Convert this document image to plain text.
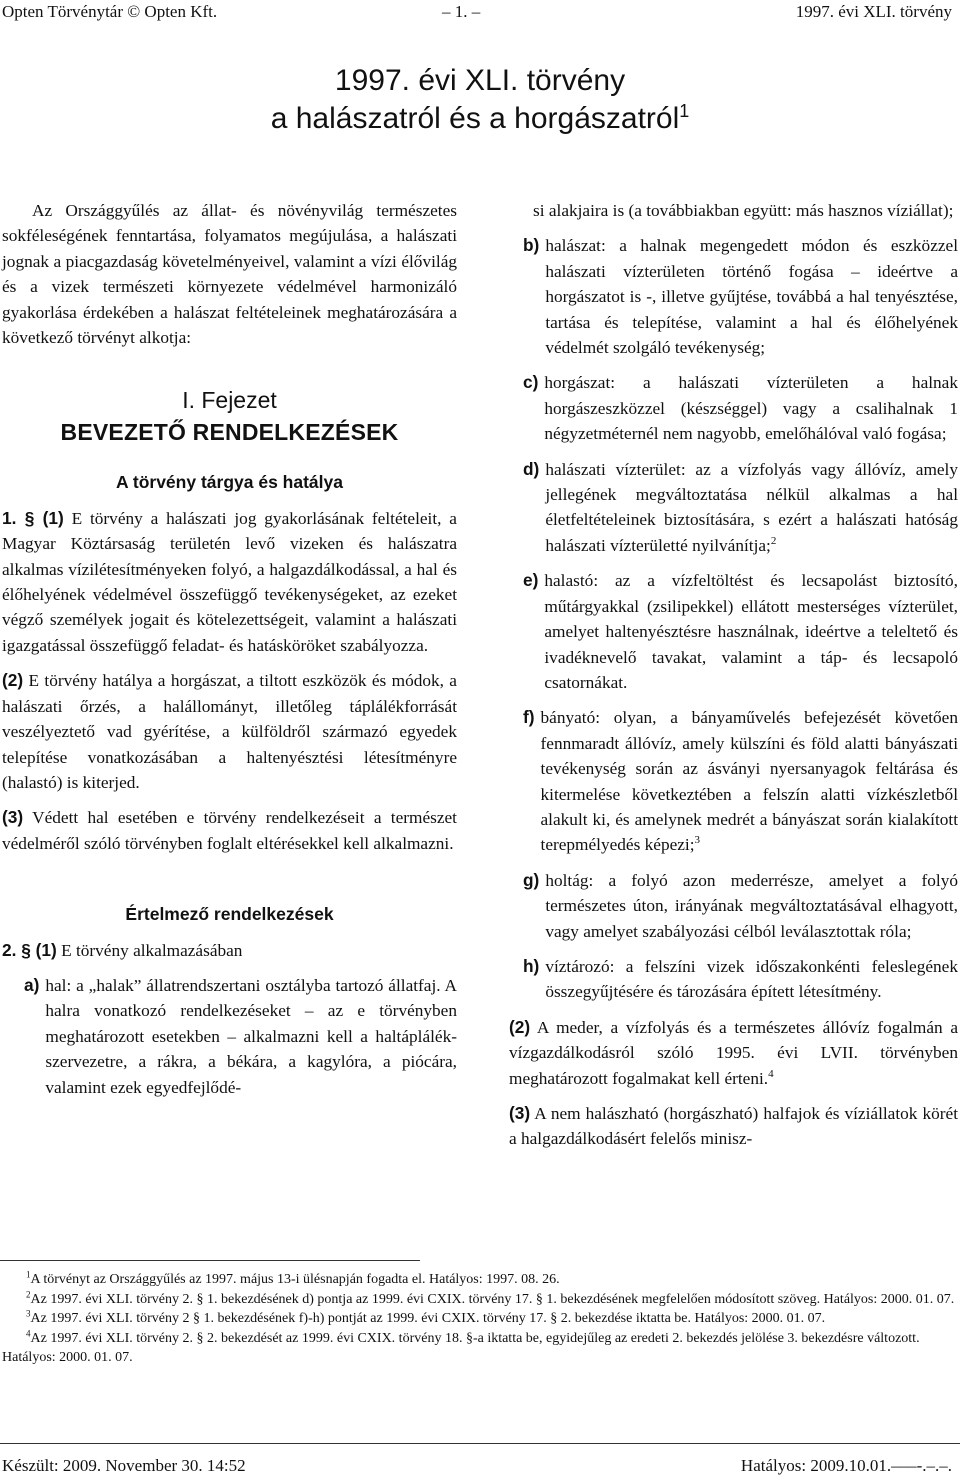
Opten Törvénytár © Opten Kft.	– 1. –	1997. évi XLI. törvény
1997. évi XLI. törvény
a halászatról és a horgászatról$^1$

Az Országgyűlés az állat- és növényvilág természetes sokféleségének fenntartása, folyamatos megújulása, a halászati jognak a piacgazdaság követelményeivel, valamint a vízi élővilág és a vizek természeti környezete védelmével harmonizáló gyakorlása érdekében a halászat feltételeinek meghatározására a következő törvényt alkotja:

I. Fejezet
BEVEZETŐ RENDELKEZÉSEK
A törvény tárgya és hatálya

1. § (1) E törvény a halászati jog gyakorlásának feltételeit, a Magyar Köztársaság területén levő vizeken és halászatra alkalmas vízilétesítményeken folyó, a halgazdálkodással, a hal és élőhelyének védelmével összefüggő tevékenységeket, az ezeket végző személyek jogait és kötelezettségeit, valamint a halászati igazgatással összefüggő feladat- és hatásköröket szabályozza.

(2) E törvény hatálya a horgászat, a tiltott eszközök és módok, a halászati őrzés, a halállományt, illetőleg táplálékforrását veszélyeztető vad gyérítése, a külföldről származó egyedek telepítése vonatkozásában a haltenyésztési létesítményre (halastó) is kiterjed.

(3) Védett hal esetében e törvény rendelkezéseit a természet védelméről szóló törvényben foglalt eltérésekkel kell alkalmazni.

Értelmező rendelkezések

2. § (1) E törvény alkalmazásában

a) hal: a „halak” állatrendszertani osztályba tartozó állatfaj. A halra vonatkozó rendelkezéseket – az e törvényben meghatározott esetekben – alkalmazni kell a haltáplálék-szervezetre, a rákra, a békára, a kagylóra, a piócára, valamint ezek egyedfejlődé-

si alakjaira is (a továbbiakban együtt: más hasznos víziállat);

b) halászat: a halnak megengedett módon és eszközzel halászati vízterületen történő fogása – ideértve a horgászatot is -, illetve gyűjtése, továbbá a hal tenyésztése, tartása és telepítése, valamint a hal és élőhelyének védelmét szolgáló tevékenység;
c) horgászat: a halászati vízterületen a halnak horgászeszközzel (készséggel) vagy a csalihalnak 1 négyzetméternél nem nagyobb, emelőhálóval való fogása;
d) halászati vízterület: az a vízfolyás vagy állóvíz, amely jellegének megváltoztatása nélkül alkalmas a hal életfeltételeinek biztosítására, s ezért a halászati hatóság halászati vízterületté nyilvánítja;$^2$
e) halastó: az a vízfeltöltést és lecsapolást biztosító, műtárgyakkal (zsilipekkel) ellátott mesterséges vízterület, amelyet haltenyésztésre használnak, ideértve a teleltető és ivadéknevelő tavakat, valamint a táp- és lecsapoló csatornákat.
f) bányató: olyan, a bányaművelés befejezését követően fennmaradt állóvíz, amely külszíni és föld alatti bányászati tevékenység során az ásványi nyersanyagok feltárása és kitermelése következtében a felszín alatti vízkészletből alakult ki, és amelynek medrét a bányászat során kialakított terepmélyedés képezi;$^3$
g) holtág: a folyó azon mederrésze, amelyet a folyó természetes úton, irányának megváltoztatásával elhagyott, vagy amelyet szabályozási célból leválasztottak róla;
h) víztározó: a felszíni vizek időszakonkénti feleslegének összegyűjtésére és tározására épített létesítmény.

(2) A meder, a vízfolyás és a természetes állóvíz fogalmán a vízgazdálkodásról szóló 1995. évi LVII. törvényben meghatározott fogalmakat kell érteni.$^4$

(3) A nem halászható (horgászható) halfajok és víziállatok körét a halgazdálkodásért felelős minisz-

$^1$A törvényt az Országgyűlés az 1997. május 13-i ülésnapján fogadta el. Hatályos: 1997. 08. 26.

$^2$Az 1997. évi XLI. törvény 2. § 1. bekezdésének d) pontja az 1999. évi CXIX. törvény 17. § 1. bekezdésének megfelelően módosított szöveg. Hatályos: 2000. 01. 07.

$^3$Az 1997. évi XLI. törvény 2 § 1. bekezdésének f)-h) pontját az 1999. évi CXIX. törvény 17. § 2. bekezdése iktatta be. Hatályos: 2000. 01. 07.

$^4$Az 1997. évi XLI. törvény 2. § 2. bekezdését az 1999. évi CXIX. törvény 18. §-a iktatta be, egyidejűleg az eredeti 2. bekezdés jelölése 3. bekezdésre változott. Hatályos: 2000. 01. 07.

Készült: 2009. November 30. 14:52	Hatályos: 2009.10.01.–––-.–.–.
